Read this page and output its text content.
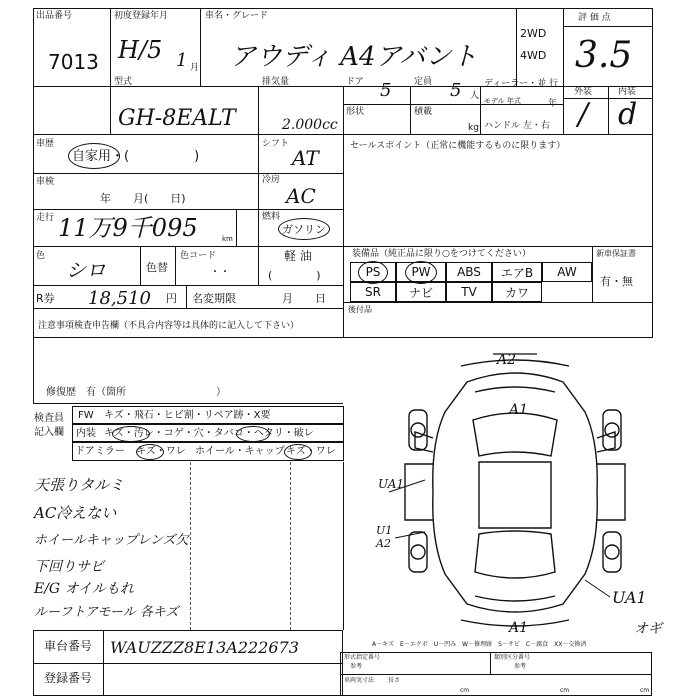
出品番号
7013
初度登録年月
H/5 1 月
車名・グレード
アウディ A4アバント
2WD
4WD
評 価 点
3.5
外装	内装
/ d
型式
GH-8EALT
排気量
2.000cc
ドア 5	定員 5 人
形状	積載
kg
ディーラー・並 行
モデル 年式	年
ハンドル 左・右
車歴
自家用・(　　　　　)
シフト
AT	セールスポイント（正常に機能するものに限ります）
車検
年　　月(　　日)
冷房
AC
走行 11万9千095	km
燃料
ガソリン
色
シロ	色替
色コード
・・
軽 油
(　　　　)
装備品（純正品に限り○をつけてください）	新車保証書
有・無
PS	PW	ABS	エアB	AW
SR	ナビ	TV	カワ
後付品
R券 18,510 円 名変期限	月　　日
注意事項検査申告欄（不具合内容等は具体的に記入して下さい）
修復歴　有（箇所　　　　　　　　　）
検査員 記入欄
FW キズ・飛石・ヒビ割・リペア跡・X要
内装 キズ・汚レ・コゲ・穴・タバコ・ヘタリ・破レ
ドアミラー キズ・ワレ ホイール・キャップ キズ・ワレ
天張りタルミ
AC冷えない
ホイールキャップレンズ欠
下回りサビ
E/G オイルもれ
ルーフトアモール 各キズ
A2
A1
A1
UA1
U1
A2
UA1
車台番号 WAUZZZ8E13A222673
登録番号
A－キズ　E－エクボ　U－凹み　W－修理跡　S－サビ　C－腐食　XX－交換済
形式指定番号
参考
類別区分番号
参考
車両実寸法 長さ
cm	cm	cm
オギ
